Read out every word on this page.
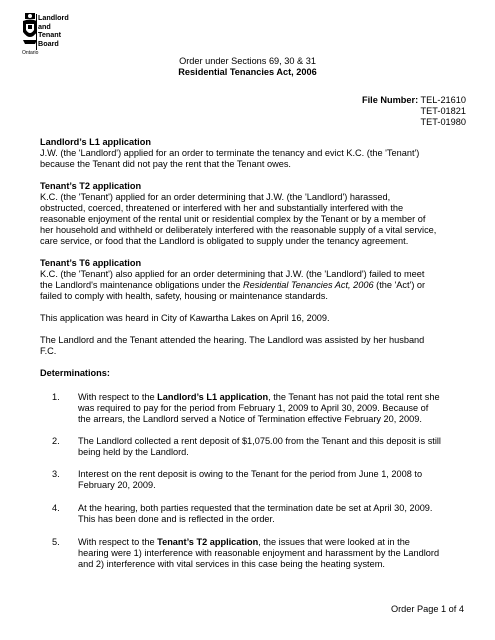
Landlord
and
Tenant
Board
Ontario
Order under Sections 69, 30 & 31
Residential Tenancies Act, 2006
File Number: TEL-21610
TET-01821
TET-01980
Landlord’s L1 application
J.W. (the 'Landlord') applied for an order to terminate the tenancy and evict K.C. (the 'Tenant')
because the Tenant did not pay the rent that the Tenant owes.
Tenant’s T2 application
K.C. (the 'Tenant') applied for an order determining that J.W. (the 'Landlord') harassed,
obstructed, coerced, threatened or interfered with her and substantially interfered with the
reasonable enjoyment of the rental unit or residential complex by the Tenant or by a member of
her household and withheld or deliberately interfered with the reasonable supply of a vital service,
care service, or food that the Landlord is obligated to supply under the tenancy agreement.
Tenant’s T6 application
K.C. (the 'Tenant') also applied for an order determining that J.W. (the 'Landlord') failed to meet
the Landlord's maintenance obligations under the Residential Tenancies Act, 2006 (the 'Act') or
failed to comply with health, safety, housing or maintenance standards.
This application was heard in City of Kawartha Lakes on April 16, 2009.
The Landlord and the Tenant attended the hearing. The Landlord was assisted by her husband
F.C.
Determinations:
1. With respect to the Landlord’s L1 application, the Tenant has not paid the total rent she
was required to pay for the period from February 1, 2009 to April 30, 2009. Because of
the arrears, the Landlord served a Notice of Termination effective February 20, 2009.
2. The Landlord collected a rent deposit of $1,075.00 from the Tenant and this deposit is still
being held by the Landlord.
3. Interest on the rent deposit is owing to the Tenant for the period from June 1, 2008 to
February 20, 2009.
4. At the hearing, both parties requested that the termination date be set at April 30, 2009.
This has been done and is reflected in the order.
5. With respect to the Tenant’s T2 application, the issues that were looked at in the
hearing were 1) interference with reasonable enjoyment and harassment by the Landlord
and 2) interference with vital services in this case being the heating system.
Order Page 1 of 4
